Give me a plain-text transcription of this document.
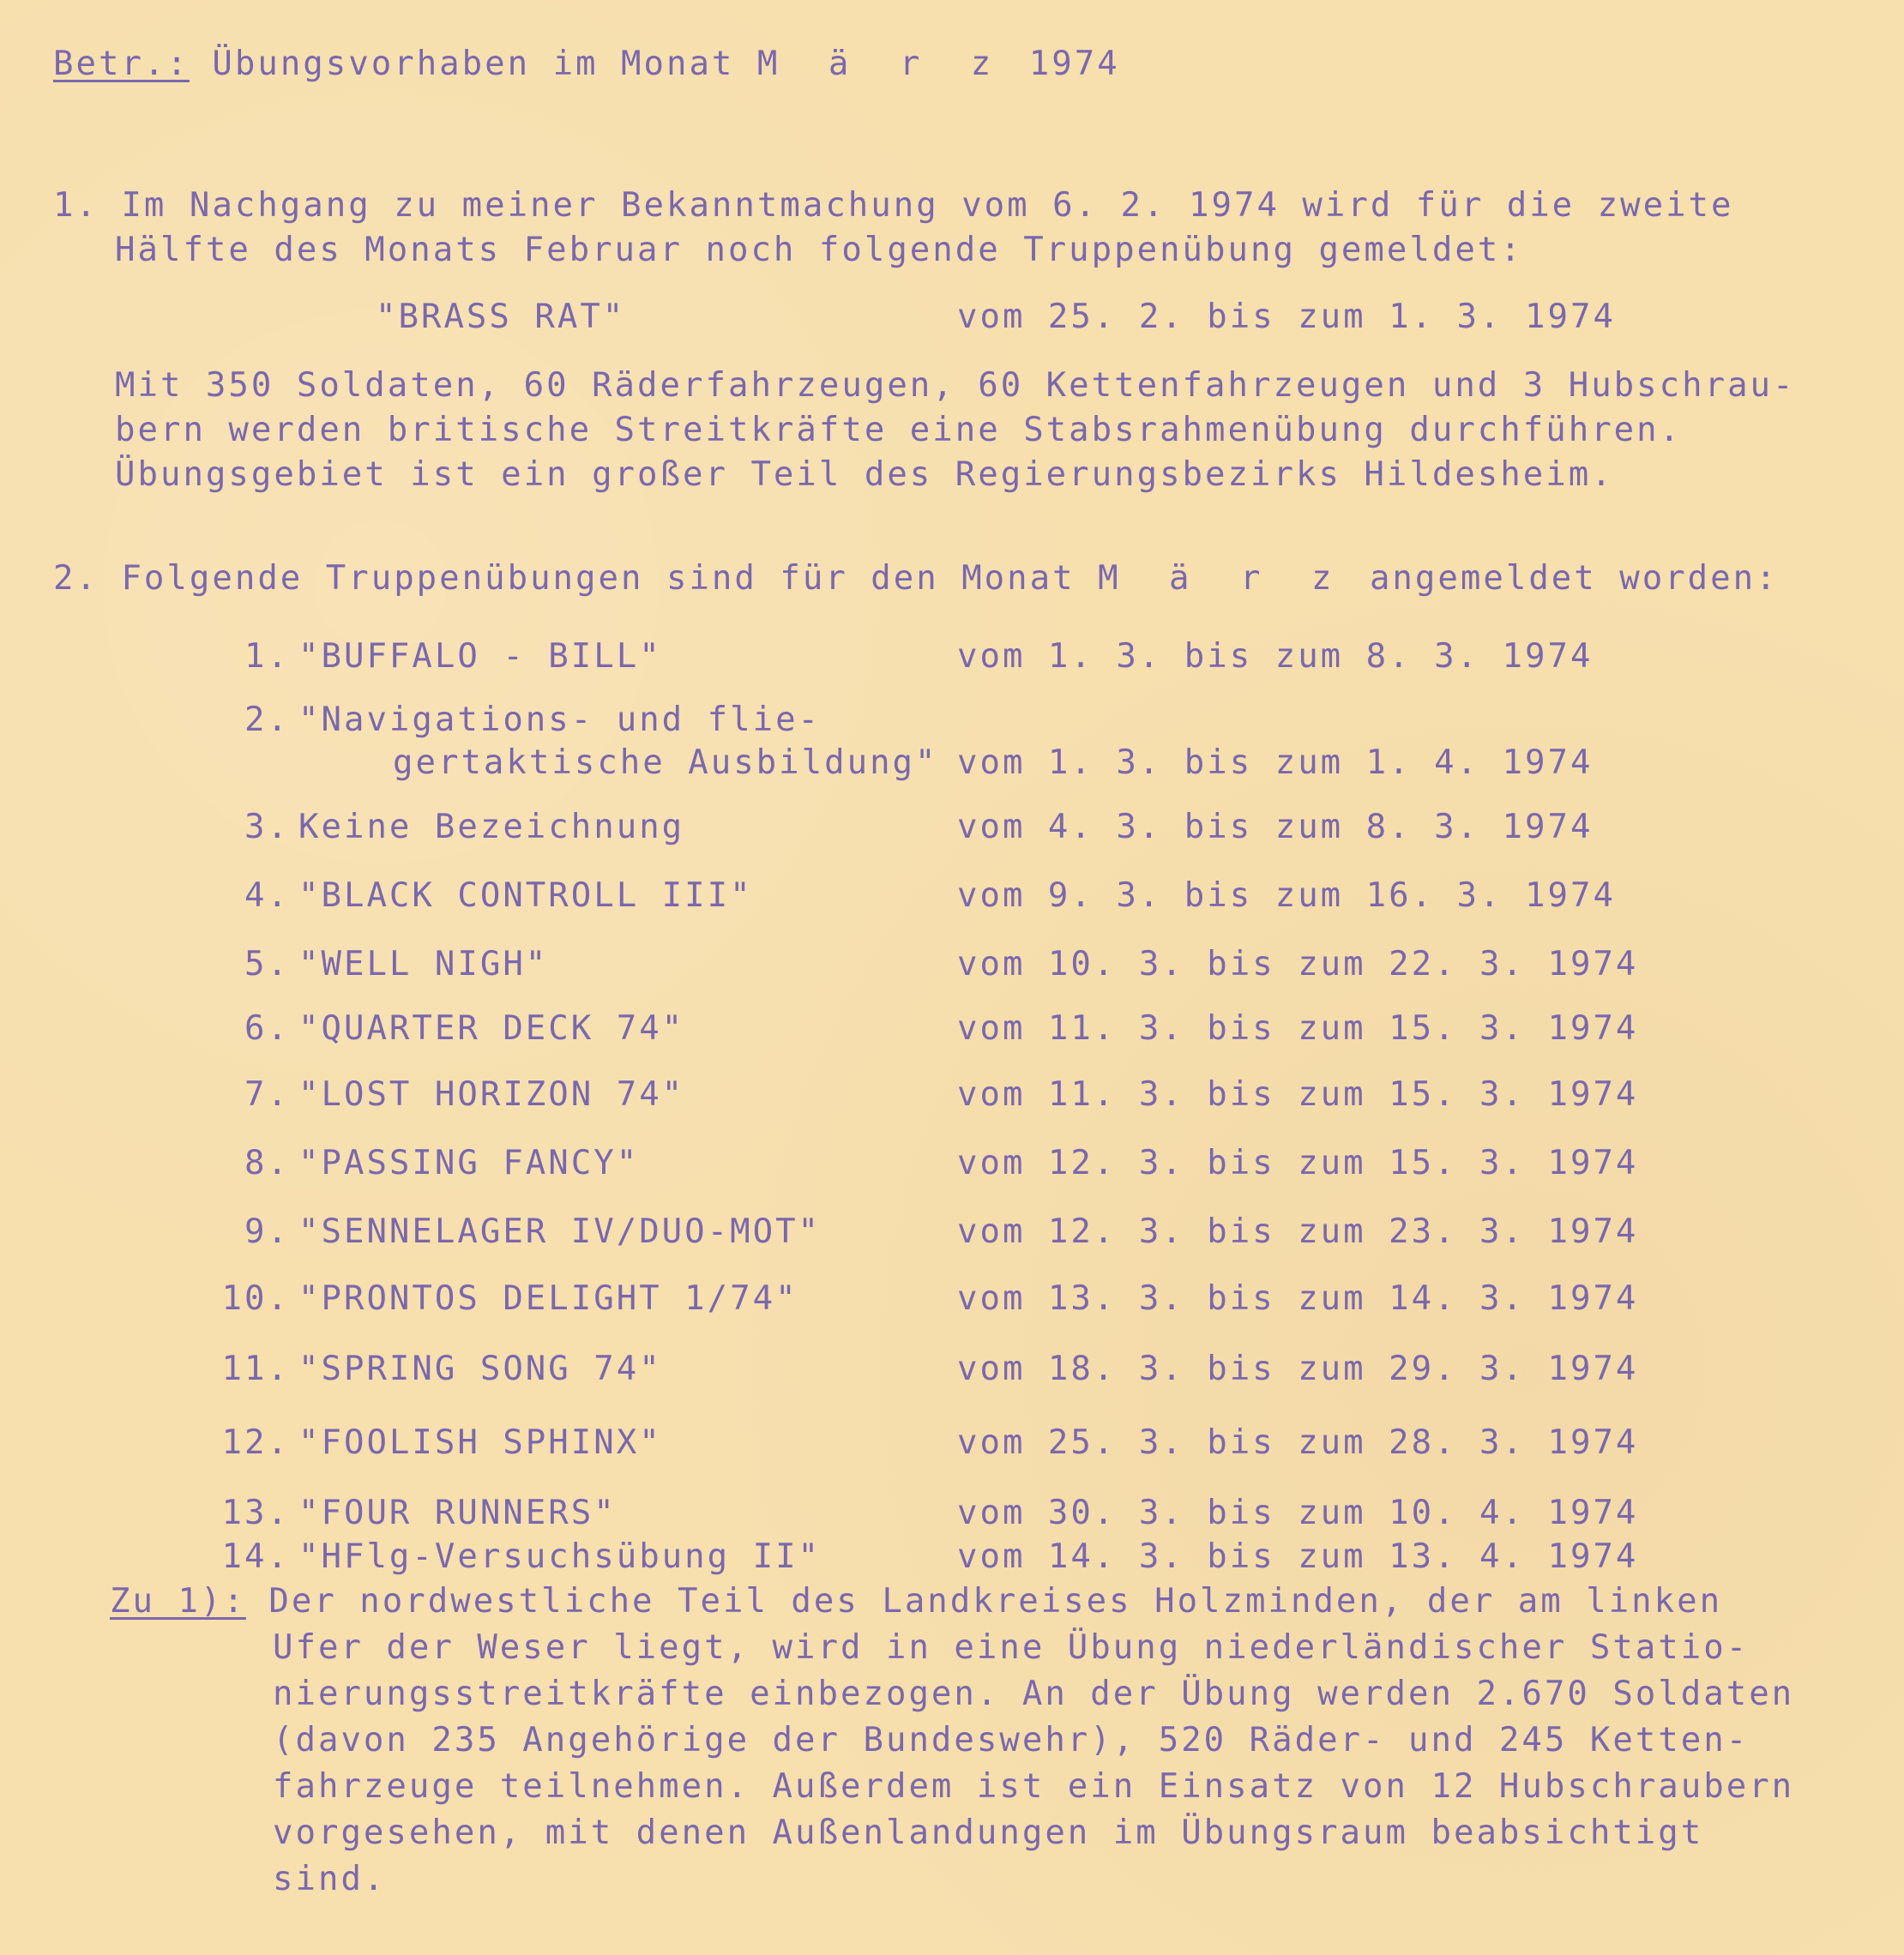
Betr.: Übungsvorhaben im Monat M ä r z 1974
1. Im Nachgang zu meiner Bekanntmachung vom 6. 2. 1974 wird für die zweite
Hälfte des Monats Februar noch folgende Truppenübung gemeldet:
"BRASS RAT"	vom 25. 2. bis zum 1. 3. 1974
Mit 350 Soldaten, 60 Räderfahrzeugen, 60 Kettenfahrzeugen und 3 Hubschrau-
bern werden britische Streitkräfte eine Stabsrahmenübung durchführen.
Übungsgebiet ist ein großer Teil des Regierungsbezirks Hildesheim.
2. Folgende Truppenübungen sind für den Monat M ä r z angemeldet worden:
1. "BUFFALO - BILL"	vom 1. 3. bis zum 8. 3. 1974
2. "Navigations- und flie-
gertaktische Ausbildung" vom 1. 3. bis zum 1. 4. 1974
3. Keine Bezeichnung	vom 4. 3. bis zum 8. 3. 1974
4. "BLACK CONTROLL III"	vom 9. 3. bis zum 16. 3. 1974
5. "WELL NIGH"	vom 10. 3. bis zum 22. 3. 1974
6. "QUARTER DECK 74"	vom 11. 3. bis zum 15. 3. 1974
7. "LOST HORIZON 74"	vom 11. 3. bis zum 15. 3. 1974
8. "PASSING FANCY"	vom 12. 3. bis zum 15. 3. 1974
9. "SENNELAGER IV/DUO-MOT"	vom 12. 3. bis zum 23. 3. 1974
10. "PRONTOS DELIGHT 1/74"	vom 13. 3. bis zum 14. 3. 1974
11. "SPRING SONG 74"	vom 18. 3. bis zum 29. 3. 1974
12. "FOOLISH SPHINX"	vom 25. 3. bis zum 28. 3. 1974
13. "FOUR RUNNERS"	vom 30. 3. bis zum 10. 4. 1974
14. "HFlg-Versuchsübung II"	vom 14. 3. bis zum 13. 4. 1974
Zu 1): Der nordwestliche Teil des Landkreises Holzminden, der am linken
Ufer der Weser liegt, wird in eine Übung niederländischer Statio-
nierungsstreitkräfte einbezogen. An der Übung werden 2.670 Soldaten
(davon 235 Angehörige der Bundeswehr), 520 Räder- und 245 Ketten-
fahrzeuge teilnehmen. Außerdem ist ein Einsatz von 12 Hubschraubern
vorgesehen, mit denen Außenlandungen im Übungsraum beabsichtigt
sind.
